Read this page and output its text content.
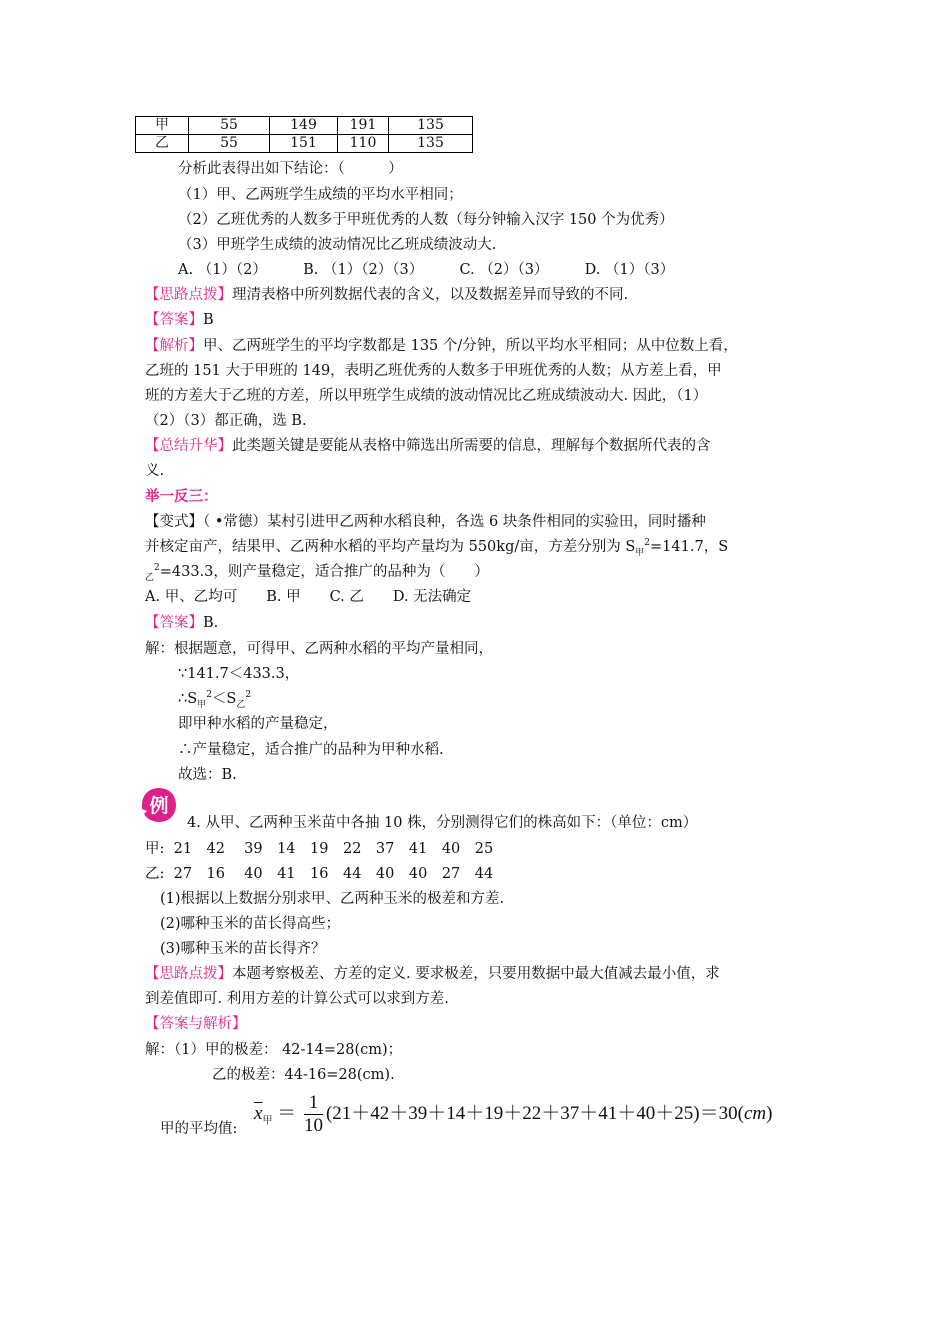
甲	55	149	191	135
乙	55	151	110	135
分析此表得出如下结论：（　　　）
（1）甲、乙两班学生成绩的平均水平相同；
（2）乙班优秀的人数多于甲班优秀的人数（每分钟输入汉字 150 个为优秀）
（3）甲班学生成绩的波动情况比乙班成绩波动大.
A. （1）（2）　　　B. （1）（2）（3）　　　C. （2）（3）　　　D. （1）（3）
【思路点拨】理清表格中所列数据代表的含义，以及数据差异而导致的不同.
【答案】B
【解析】甲、乙两班学生的平均字数都是 135 个/分钟，所以平均水平相同；从中位数上看，
乙班的 151 大于甲班的 149，表明乙班优秀的人数多于甲班优秀的人数；从方差上看，甲
班的方差大于乙班的方差，所以甲班学生成绩的波动情况比乙班成绩波动大. 因此，（1）
（2）（3）都正确，选 B.
【总结升华】此类题关键是要能从表格中筛选出所需要的信息，理解每个数据所代表的含
义.
举一反三：
【变式】（ •常德）某村引进甲乙两种水稻良种，各选 6 块条件相同的实验田，同时播种
并核定亩产，结果甲、乙两种水稻的平均产量均为 550kg/亩，方差分别为 $S_甲^2=141.7$，S
$_乙^2$=433.3，则产量稳定，适合推广的品种为（　　）
A. 甲、乙均可　　B. 甲　　C. 乙　　D. 无法确定
【答案】B.
解：根据题意，可得甲、乙两种水稻的平均产量相同，
∵141.7＜433.3，
$\therefore S_甲^2<S_乙^2$
即甲种水稻的产量稳定，
∴产量稳定，适合推广的品种为甲种水稻.
故选：B.
例
4. 从甲、乙两种玉米苗中各抽 10 株，分别测得它们的株高如下：（单位：cm）
甲: 21　42　 39　14　19　22　37　41　40　25
乙: 27　16　 40　41　16　44　40　40　27　44
(1)根据以上数据分别求甲、乙两种玉米的极差和方差.
(2)哪种玉米的苗长得高些；
(3)哪种玉米的苗长得齐？
【思路点拨】本题考察极差、方差的定义. 要求极差，只要用数据中最大值减去最小值，求
到差值即可. 利用方差的计算公式可以求到方差.
【答案与解析】
解：（1）甲的极差： 42-14=28(cm)；
乙的极差：44-16=28(cm).
$\overline{x}_甲 = \frac{1}{10} (21+42+39+14+19+22+37+41+40+25)=30(cm)$
甲的平均值:
